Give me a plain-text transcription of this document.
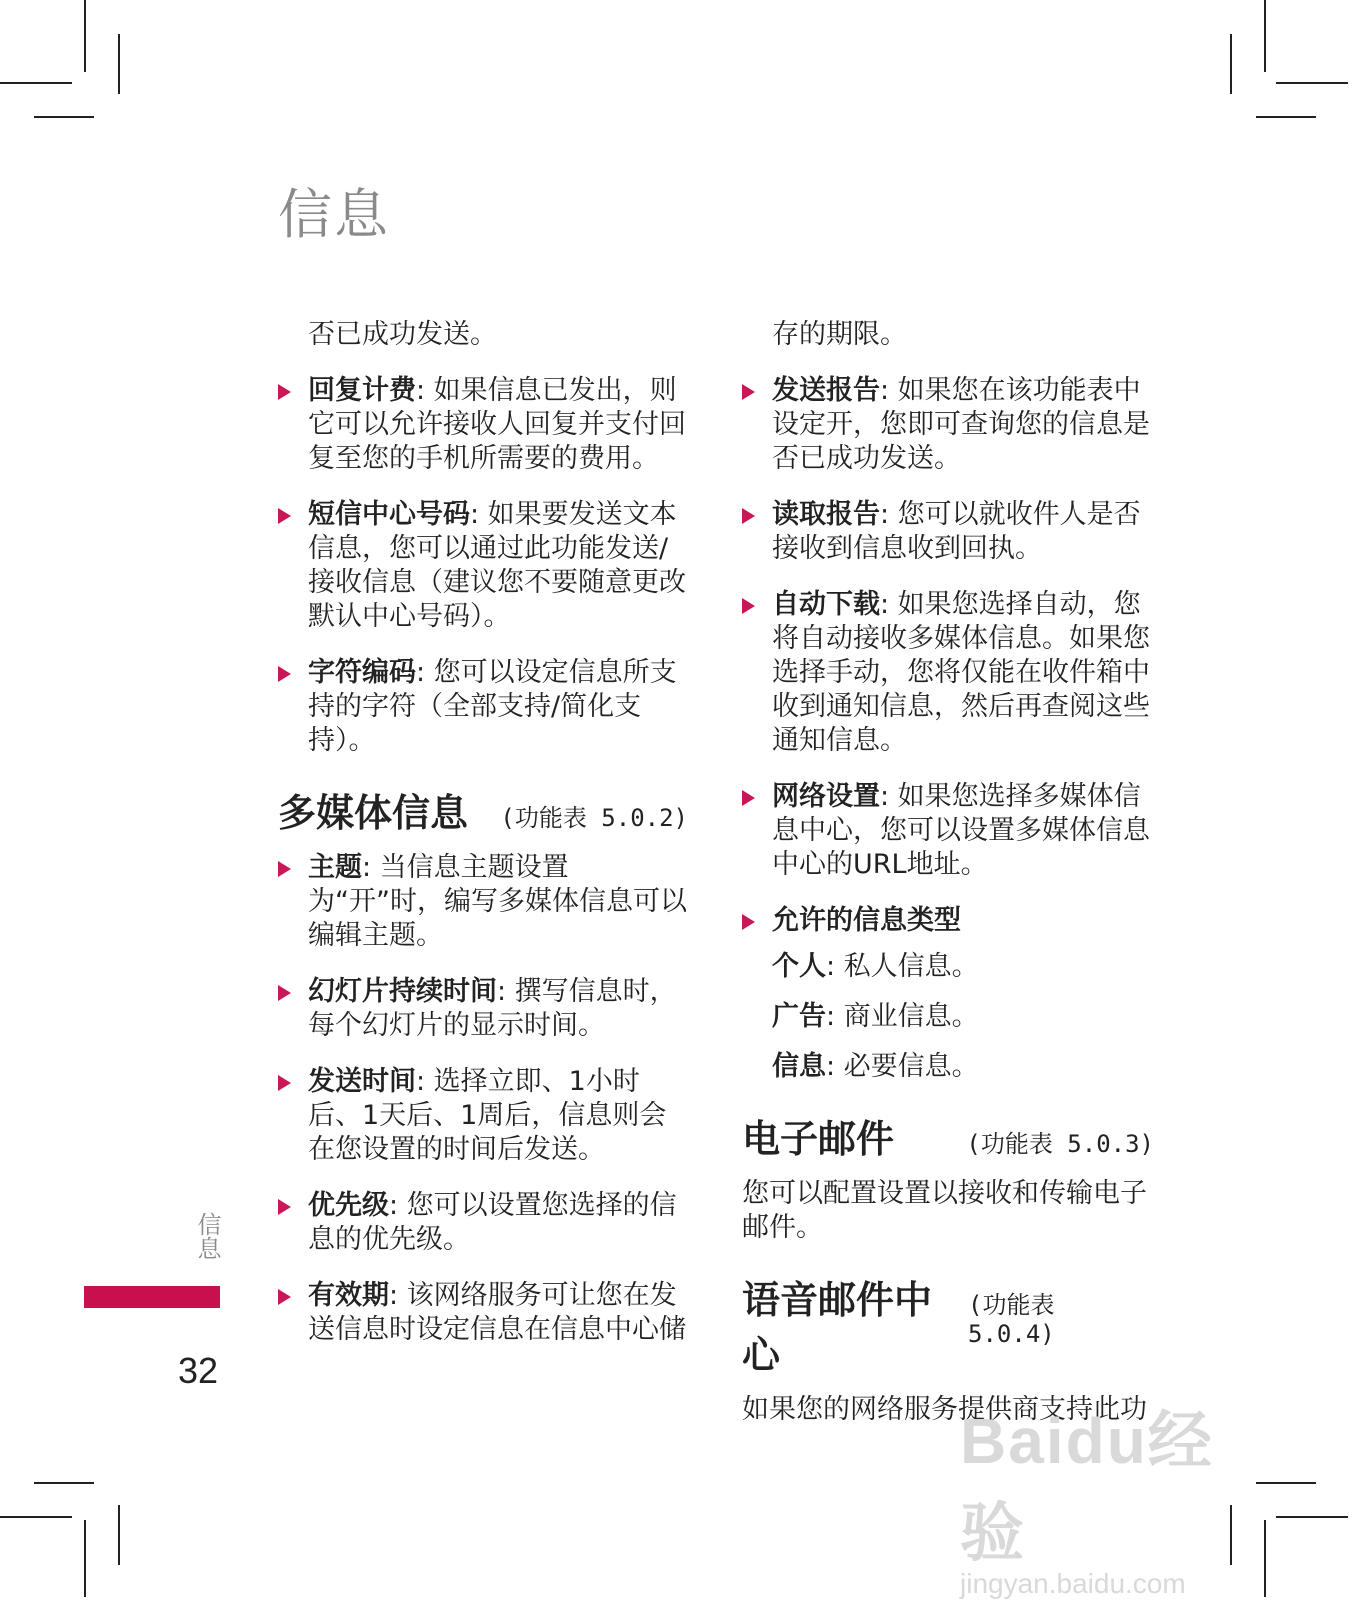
信息

否已成功发送。

回复计费: 如果信息已发出，则它可以允许接收人回复并支付回复至您的手机所需要的费用。
短信中心号码: 如果要发送文本信息，您可以通过此功能发送/接收信息（建议您不要随意更改默认中心号码）。
字符编码: 您可以设定信息所支持的字符（全部支持/简化支持）。
多媒体信息 (功能表 5.0.2)
主题: 当信息主题设置为“开”时，编写多媒体信息可以编辑主题。
幻灯片持续时间: 撰写信息时，每个幻灯片的显示时间。
发送时间: 选择立即、1小时后、1天后、1周后，信息则会在您设置的时间后发送。
优先级: 您可以设置您选择的信息的优先级。
有效期: 该网络服务可让您在发送信息时设定信息在信息中心储

存的期限。

发送报告: 如果您在该功能表中设定开，您即可查询您的信息是否已成功发送。
读取报告: 您可以就收件人是否接收到信息收到回执。
自动下载: 如果您选择自动，您将自动接收多媒体信息。如果您选择手动，您将仅能在收件箱中收到通知信息，然后再查阅这些通知信息。
网络设置: 如果您选择多媒体信息中心，您可以设置多媒体信息中心的URL地址。
允许的信息类型
个人: 私人信息。
广告: 商业信息。
信息: 必要信息。
电子邮件	(功能表 5.0.3)

您可以配置设置以接收和传输电子邮件。

语音邮件中心
(功能表 5.0.4)

如果您的网络服务提供商支持此功

信息
32
Baidu经验
jingyan.baidu.com
